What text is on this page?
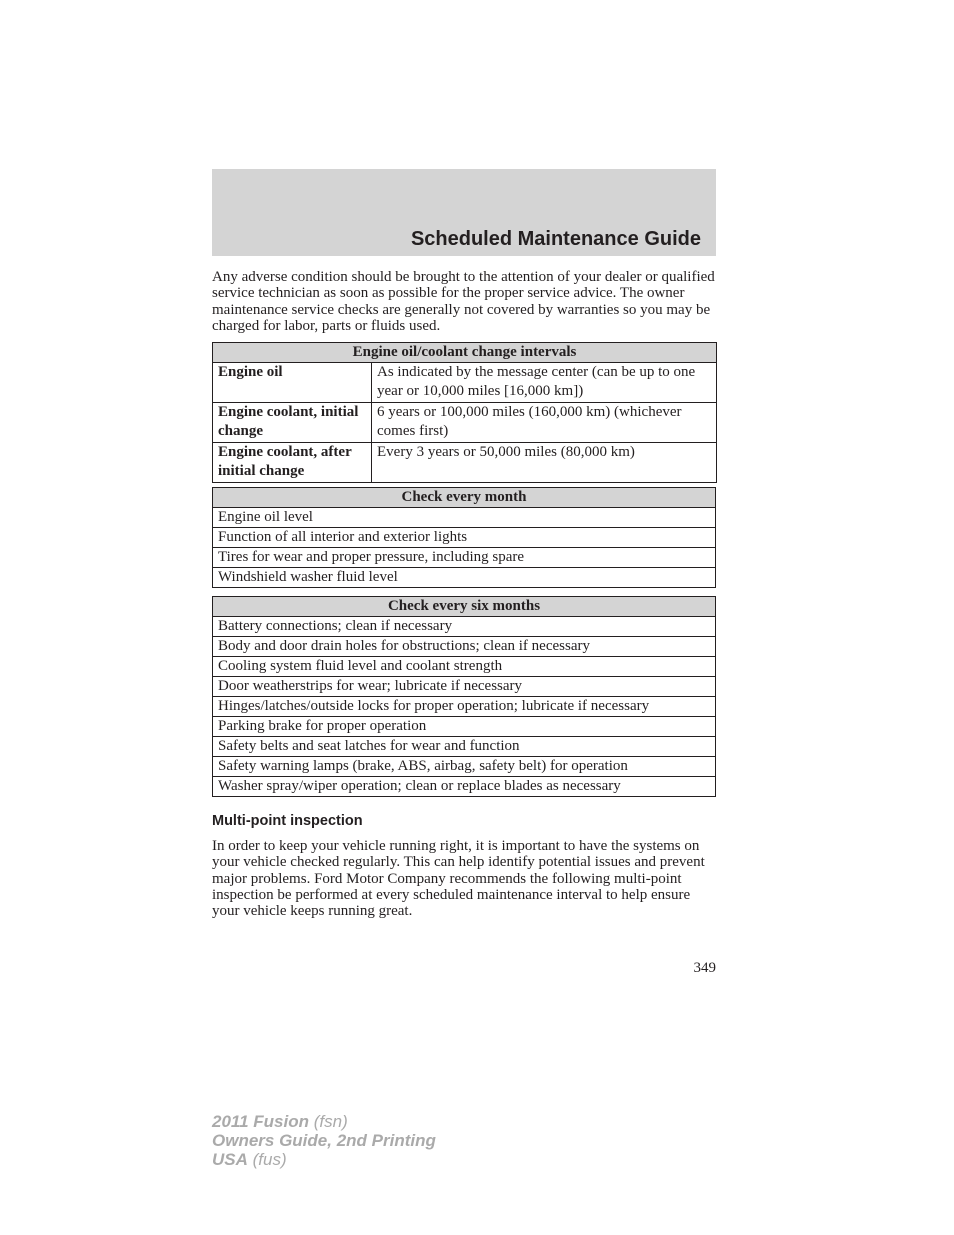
Scheduled Maintenance Guide

Any adverse condition should be brought to the attention of your dealer or qualified service technician as soon as possible for the proper service advice. The owner maintenance service checks are generally not covered by warranties so you may be charged for labor, parts or fluids used.

Engine oil/coolant change intervals	
Engine oil	As indicated by the message center (can be up to one year or 10,000 miles [16,000 km])
Engine coolant, initial change	6 years or 100,000 miles (160,000 km) (whichever comes first)
Engine coolant, after initial change	Every 3 years or 50,000 miles (80,000 km)
Check every month
Engine oil level
Function of all interior and exterior lights
Tires for wear and proper pressure, including spare
Windshield washer fluid level
Check every six months
Battery connections; clean if necessary
Body and door drain holes for obstructions; clean if necessary
Cooling system fluid level and coolant strength
Door weatherstrips for wear; lubricate if necessary
Hinges/latches/outside locks for proper operation; lubricate if necessary
Parking brake for proper operation
Safety belts and seat latches for wear and function
Safety warning lamps (brake, ABS, airbag, safety belt) for operation
Washer spray/wiper operation; clean or replace blades as necessary
Multi-point inspection

In order to keep your vehicle running right, it is important to have the systems on your vehicle checked regularly. This can help identify potential issues and prevent major problems. Ford Motor Company recommends the following multi-point inspection be performed at every scheduled maintenance interval to help ensure your vehicle keeps running great.

349

2011 Fusion (fsn)
Owners Guide, 2nd Printing
USA (fus)
